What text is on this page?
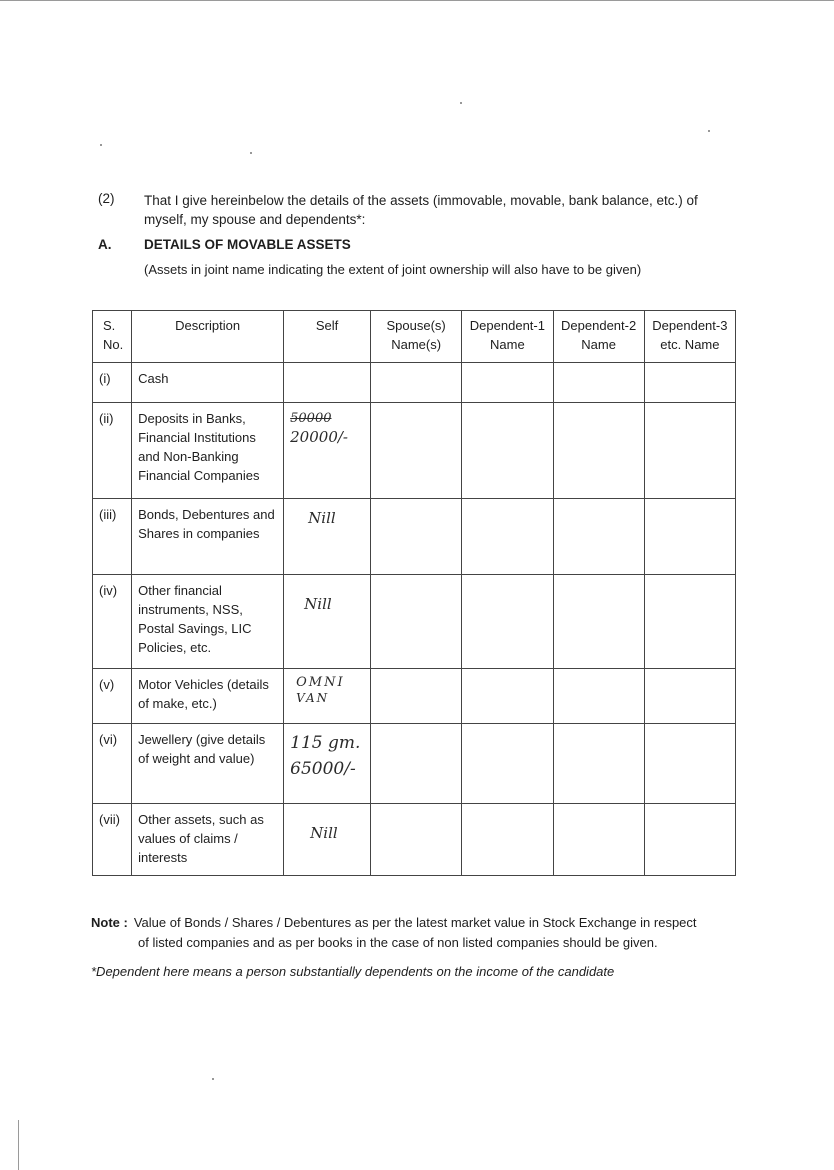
(2) That I give hereinbelow the details of the assets (immovable, movable, bank balance, etc.) of myself, my spouse and dependents*:
A. DETAILS OF MOVABLE ASSETS
(Assets in joint name indicating the extent of joint ownership will also have to be given)
S. No.	Description	Self	Spouse(s) Name(s)	Dependent-1 Name	Dependent-2 Name	Dependent-3 etc. Name
(i)	Cash					
(ii)	Deposits in Banks, Financial Institutions and Non-Banking Financial Companies	50000
20000/-				

(iii)	Bonds, Debentures and Shares in companies	Nill				

(iv)	Other financial instruments, NSS, Postal Savings, LIC Policies, etc.	Nill				

(v)	Motor Vehicles (details of make, etc.)	OMNI
VAN				

(vi)	Jewellery (give details of weight and value)	115 gm.
65000/-				

(vii)	Other assets, such as values of claims / interests	Nill				

Note : Value of Bonds / Shares / Debentures as per the latest market value in Stock Exchange in respect
of listed companies and as per books in the case of non listed companies should be given.
*Dependent here means a person substantially dependents on the income of the candidate
